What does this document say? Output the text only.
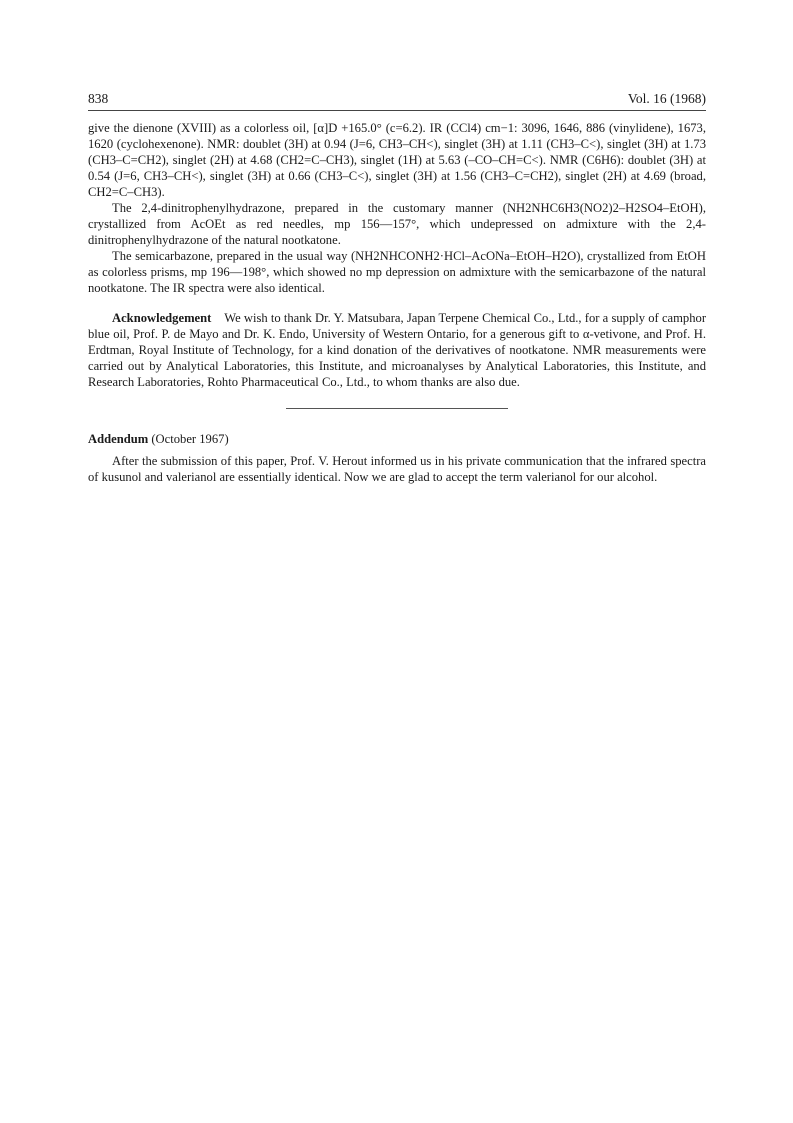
838	Vol. 16 (1968)

give the dienone (XVIII) as a colorless oil, [α]D +165.0° (c=6.2). IR (CCl4) cm−1: 3096, 1646, 886 (vinylidene), 1673, 1620 (cyclohexenone). NMR: doublet (3H) at 0.94 (J=6, CH3–CH<), singlet (3H) at 1.11 (CH3–C<), singlet (3H) at 1.73 (CH3–C=CH2), singlet (2H) at 4.68 (CH2=C–CH3), singlet (1H) at 5.63 (–CO–CH=C<). NMR (C6H6): doublet (3H) at 0.54 (J=6, CH3–CH<), singlet (3H) at 0.66 (CH3–C<), singlet (3H) at 1.56 (CH3–C=CH2), singlet (2H) at 4.69 (broad, CH2=C–CH3).

The 2,4-dinitrophenylhydrazone, prepared in the customary manner (NH2NHC6H3(NO2)2–H2SO4–EtOH), crystallized from AcOEt as red needles, mp 156—157°, which undepressed on admixture with the 2,4-dinitrophenylhydrazone of the natural nootkatone.

The semicarbazone, prepared in the usual way (NH2NHCONH2·HCl–AcONa–EtOH–H2O), crystallized from EtOH as colorless prisms, mp 196—198°, which showed no mp depression on admixture with the semicarbazone of the natural nootkatone. The IR spectra were also identical.

Acknowledgement We wish to thank Dr. Y. Matsubara, Japan Terpene Chemical Co., Ltd., for a supply of camphor blue oil, Prof. P. de Mayo and Dr. K. Endo, University of Western Ontario, for a generous gift to α-vetivone, and Prof. H. Erdtman, Royal Institute of Technology, for a kind donation of the derivatives of nootkatone. NMR measurements were carried out by Analytical Laboratories, this Institute, and microanalyses by Analytical Laboratories, this Institute, and Research Laboratories, Rohto Pharmaceutical Co., Ltd., to whom thanks are also due.

Addendum (October 1967)

After the submission of this paper, Prof. V. Herout informed us in his private communication that the infrared spectra of kusunol and valerianol are essentially identical. Now we are glad to accept the term valerianol for our alcohol.
